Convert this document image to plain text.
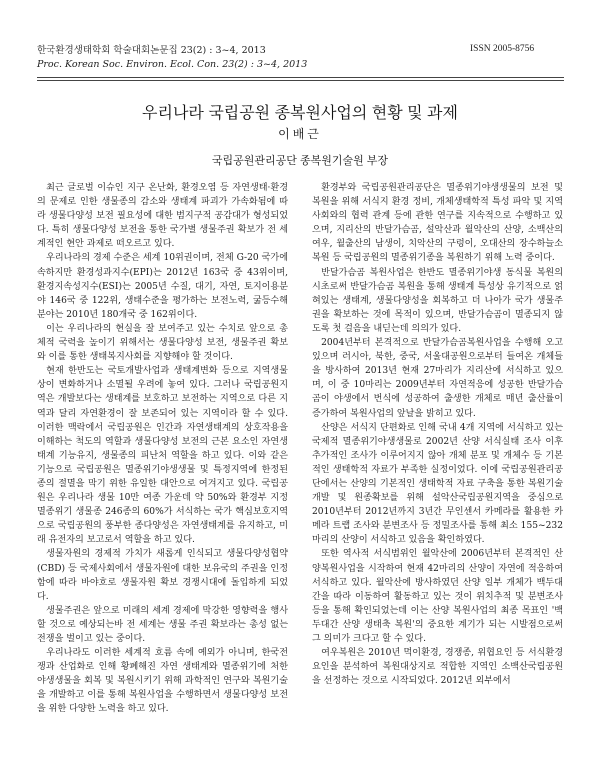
한국환경생태학회 학술대회논문집 23(2) : 3~4, 2013
Proc. Korean Soc. Environ. Ecol. Con. 23(2) : 3~4, 2013
ISSN 2005-8756
우리나라 국립공원 종복원사업의 현황 및 과제
이배근
국립공원관리공단 종복원기술원 부장

최근 글로벌 이슈인 지구 온난화, 환경오염 등 자연생태·환경의 문제로 인한 생물종의 감소와 생태계 파괴가 가속화됨에 따라 생물다양성 보전 필요성에 대한 범지구적 공감대가 형성되었다. 특히 생물다양성 보전을 통한 국가별 생물주권 확보가 전 세계적인 현안 과제로 떠오르고 있다.

우리나라의 경제 수준은 세계 10위권이며, 전체 G-20 국가에 속하지만 환경성과지수(EPI)는 2012년 163국 중 43위이며, 환경지속성지수(ESI)는 2005년 수질, 대기, 자연, 토지이용분야 146국 중 122위, 생태수준을 평가하는 보전노력, 굶등수해 분야는 2010년 180개국 중 162위이다.

이는 우리나라의 현실을 잘 보여주고 있는 수치로 앞으로 총체적 국력을 높이기 위해서는 생물다양성 보전, 생물주권 확보와 이를 통한 생태복지사회를 지향해야 할 것이다.

현재 한반도는 국토개발사업과 생태계변화 등으로 지역생물상이 변화하거나 소멸될 우려에 놓여 있다. 그러나 국립공원지역은 개발보다는 생태계를 보호하고 보전하는 지역으로 다른 지역과 달리 자연환경이 잘 보존되어 있는 지역이라 할 수 있다. 이러한 맥락에서 국립공원은 인간과 자연생태계의 상호작용을 이해하는 척도의 역할과 생물다양성 보전의 근본 요소인 자연생태계 기능유지, 생물종의 피난처 역할을 하고 있다. 이와 같은 기능으로 국립공원은 멸종위기야생생물 및 특정지역에 한정된 종의 절멸을 막기 위한 유일한 대안으로 여겨지고 있다. 국립공원은 우리나라 생물 10만 여종 가운데 약 50%와 환경부 지정 멸종위기 생물종 246종의 60%가 서식하는 국가 핵심보호지역으로 국립공원의 풍부한 종다양성은 자연생태계를 유지하고, 미래 유전자의 보고로서 역할을 하고 있다.

생물자원의 경제적 가치가 새롭게 인식되고 생물다양성협약(CBD) 등 국제사회에서 생물자원에 대한 보유국의 주권을 인정함에 따라 바야흐로 생물자원 확보 경쟁시대에 돌입하게 되었다.

생물주권은 앞으로 미래의 세계 경제에 막강한 영향력을 행사할 것으로 예상되는바 전 세계는 생물 주권 확보라는 총성 없는 전쟁을 벌이고 있는 중이다.

우리나라도 이러한 세계적 흐름 속에 예외가 아니며, 한국전쟁과 산업화로 인해 황폐해진 자연 생태계와 멸종위기에 처한 야생생물을 회복 및 복원시키기 위해 과학적인 연구와 복원기술을 개발하고 이를 통해 복원사업을 수행하면서 생물다양성 보전을 위한 다양한 노력을 하고 있다.

환경부와 국립공원관리공단은 멸종위기야생생물의 보전 및 복원을 위해 서식지 환경 정비, 개체생태학적 특성 파악 및 지역사회와의 협력 관계 등에 관한 연구를 지속적으로 수행하고 있으며, 지리산의 반달가슴곰, 설악산과 월악산의 산양, 소백산의 여우, 월출산의 남생이, 치악산의 구렁이, 오대산의 장수하늘소 복원 등 국립공원의 멸종위기종을 복원하기 위해 노력 중이다.

반달가슴곰 복원사업은 한반도 멸종위기야생 동식물 복원의 시초로써 반달가슴곰 복원을 통해 생태계 특성상 유기적으로 얽혀있는 생태계, 생물다양성을 회복하고 더 나아가 국가 생물주권을 확보하는 것에 목적이 있으며, 반달가슴곰이 멸종되지 않도록 첫 걸음을 내딛는데 의의가 있다.

2004년부터 본격적으로 반달가슴곰복원사업을 수행해 오고 있으며 러시아, 북한, 중국, 서울대공원으로부터 들여온 개체들을 방사하여 2013년 현재 27마리가 지리산에 서식하고 있으며, 이 중 10마리는 2009년부터 자연적응에 성공한 반달가슴곰이 야생에서 번식에 성공하여 출생한 개체로 매년 출산률이 증가하여 복원사업의 앞날을 밝히고 있다.

산양은 서식지 단편화로 인해 국내 4개 지역에 서식하고 있는 국제적 멸종위기야생생물로 2002년 산양 서식실태 조사 이후 추가적인 조사가 이루어지지 않아 개체 분포 및 개체수 등 기본적인 생태학적 자료가 부족한 실정이었다. 이에 국립공원관리공단에서는 산양의 기본적인 생태학적 자료 구축을 통한 복원기술 개발 및 원종확보를 위해 설악산국립공원지역을 중심으로 2010년부터 2012년까지 3년간 무인센서 카메라를 활용한 카메라 트랩 조사와 분변조사 등 정밀조사를 통해 최소 155~232마리의 산양이 서식하고 있음을 확인하였다.

또한 역사적 서식범위인 월악산에 2006년부터 본격적인 산양복원사업을 시작하여 현재 42마리의 산양이 자연에 적응하여 서식하고 있다. 월악산에 방사하였던 산양 일부 개체가 백두대간을 따라 이동하여 활동하고 있는 것이 위치추적 및 분변조사 등을 통해 확인되었는데 이는 산양 복원사업의 최종 목표인 '백두대간 산양 생태축 복원'의 중요한 계기가 되는 시발점으로써 그 의미가 크다고 할 수 있다.

여우복원은 2010년 먹이환경, 경쟁종, 위협요인 등 서식환경 요인을 분석하여 복원대상지로 적합한 지역인 소백산국립공원을 선정하는 것으로 시작되었다. 2012년 외부에서
